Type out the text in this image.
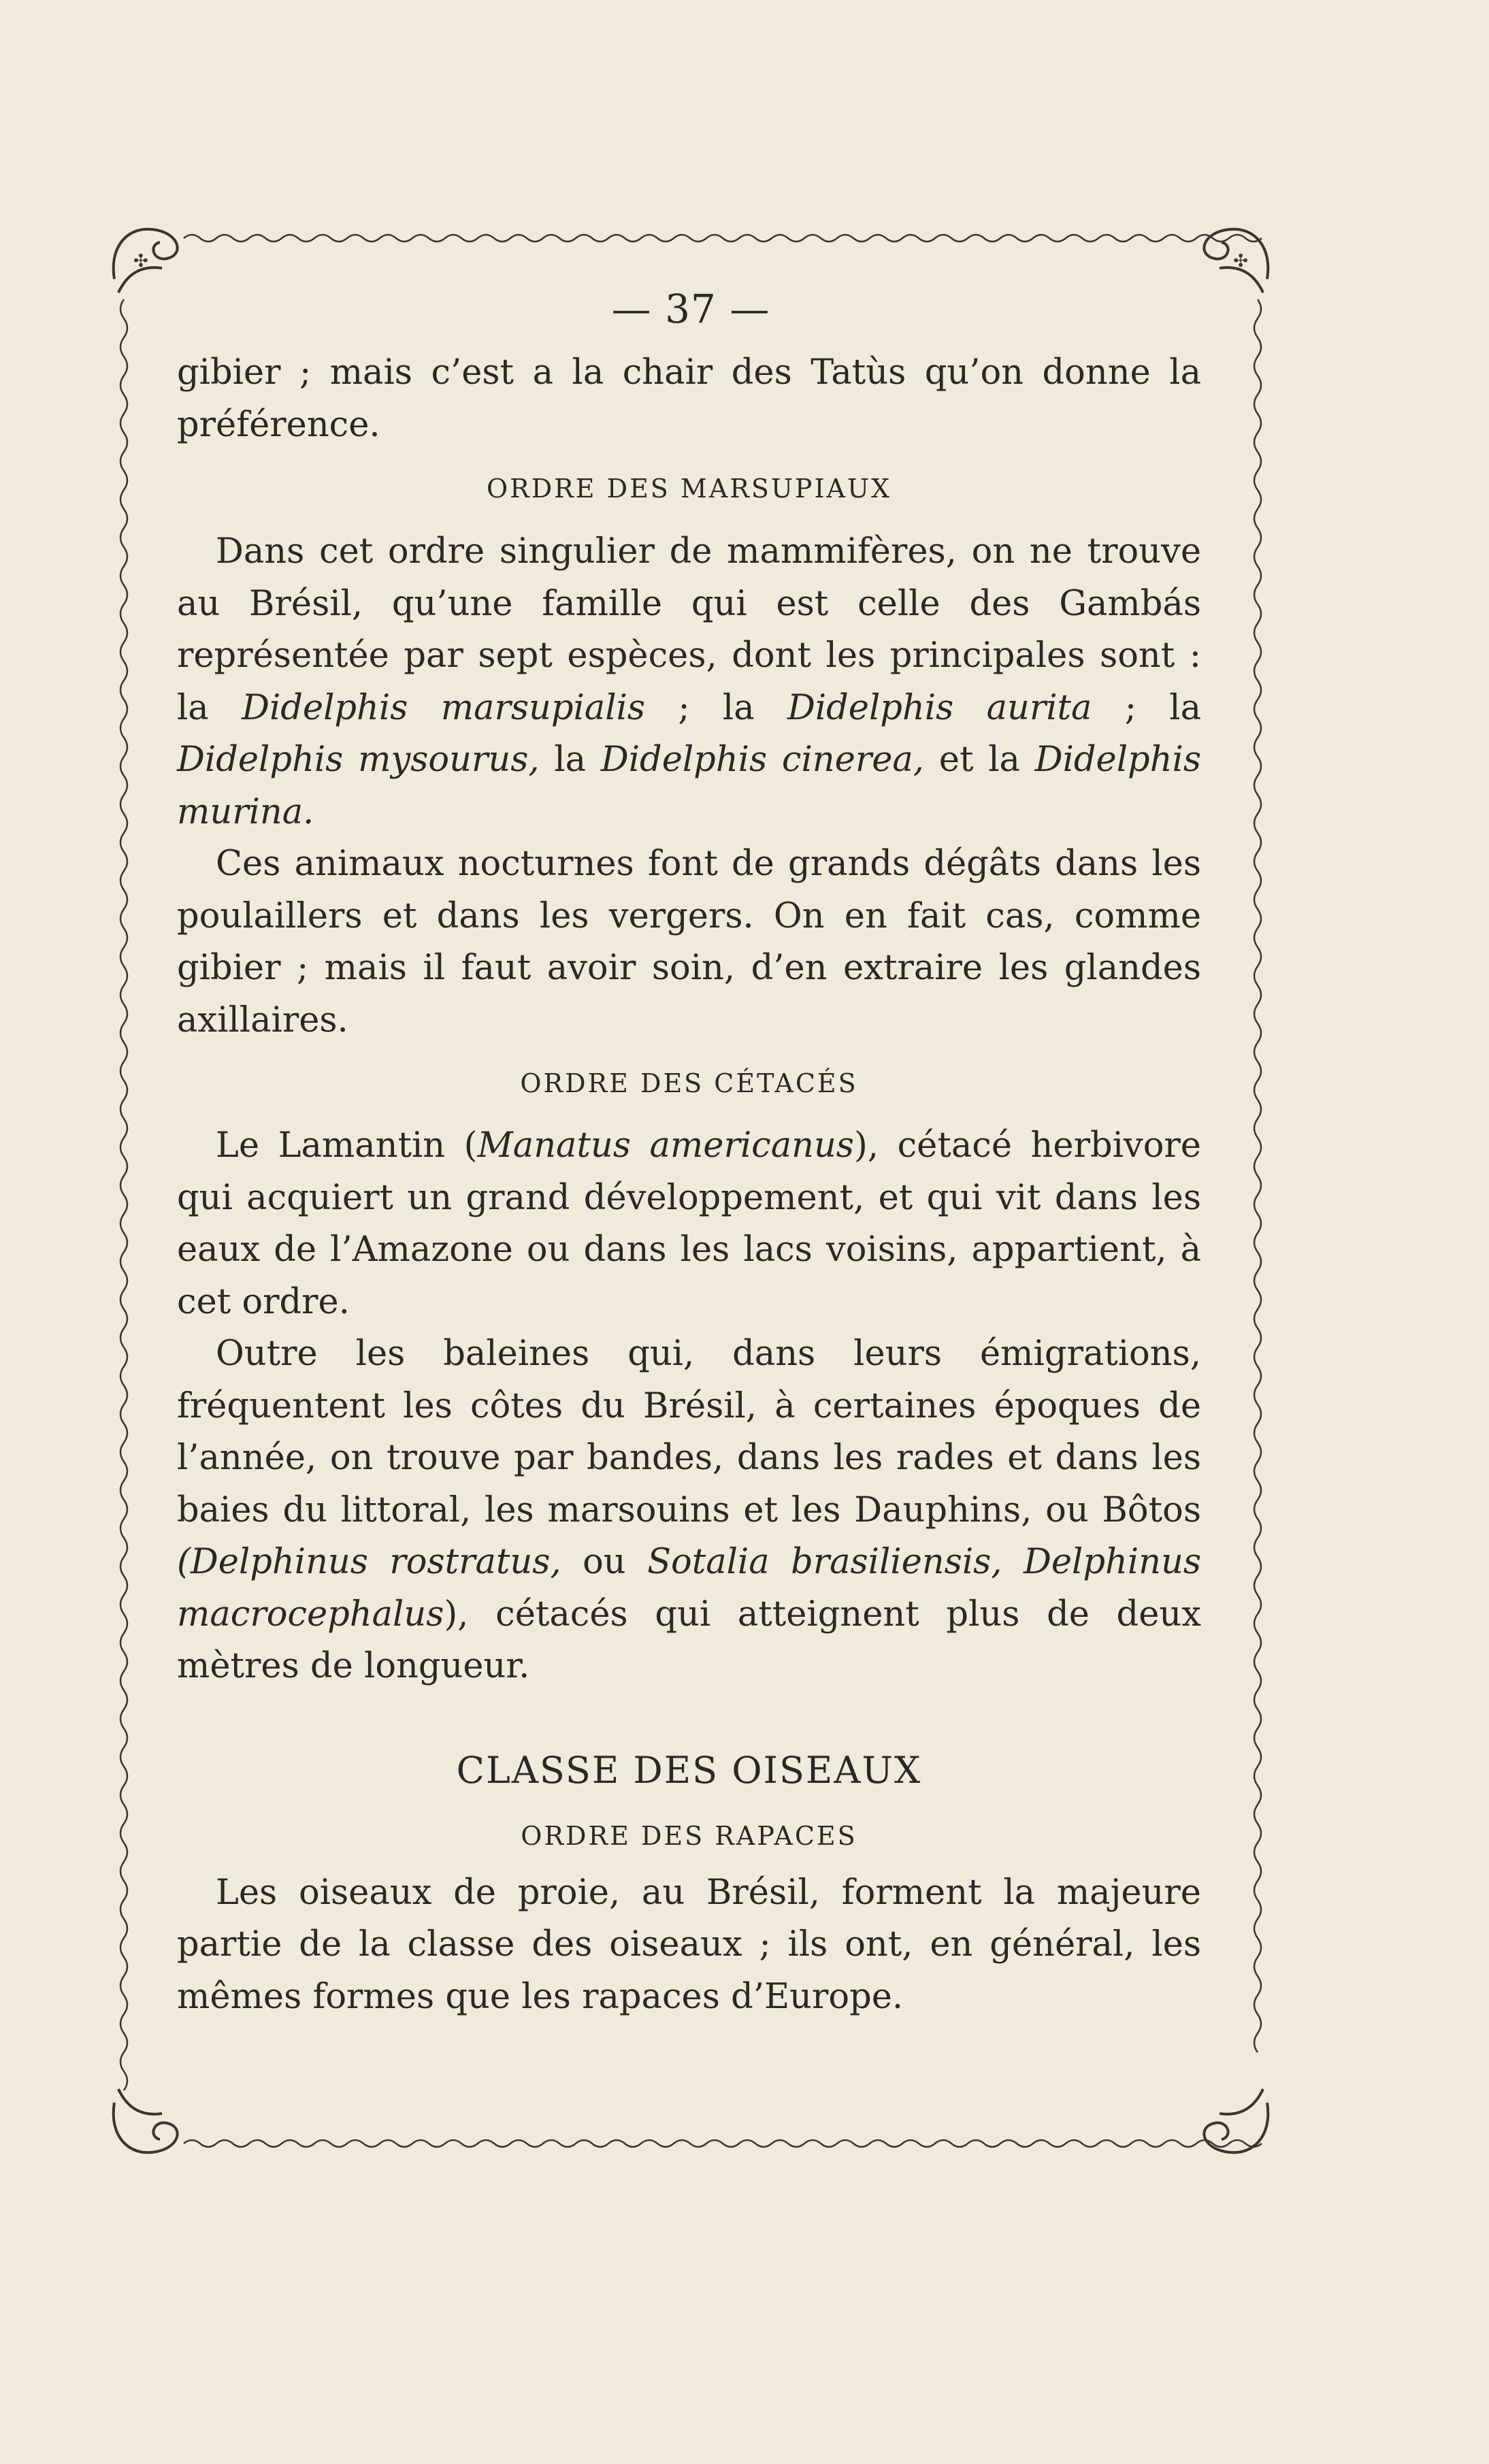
✣	✣
— 37 —

gibier ; mais c’est a la chair des Tatùs qu’on donne la préférence.

ORDRE DES MARSUPIAUX

Dans cet ordre singulier de mammifères, on ne trouve au Brésil, qu’une famille qui est celle des Gambás représentée par sept espèces, dont les principales sont : la Didelphis marsupialis ; la Didelphis aurita ; la Didelphis mysourus, la Didelphis cinerea, et la Didelphis murina.

Ces animaux nocturnes font de grands dégâts dans les poulaillers et dans les vergers. On en fait cas, comme gibier ; mais il faut avoir soin, d’en extraire les glandes axillaires.

ORDRE DES CÉTACÉS

Le Lamantin (Manatus americanus), cétacé herbivore qui acquiert un grand développement, et qui vit dans les eaux de l’Amazone ou dans les lacs voisins, appartient, à cet ordre.

Outre les baleines qui, dans leurs émigrations, fréquentent les côtes du Brésil, à certaines époques de l’année, on trouve par bandes, dans les rades et dans les baies du littoral, les marsouins et les Dauphins, ou Bôtos (Delphinus rostratus, ou Sotalia brasiliensis, Delphinus macrocephalus), cétacés qui atteignent plus de deux mètres de longueur.

CLASSE DES OISEAUX
ORDRE DES RAPACES

Les oiseaux de proie, au Brésil, forment la majeure partie de la classe des oiseaux ; ils ont, en général, les mêmes formes que les rapaces d’Europe.
